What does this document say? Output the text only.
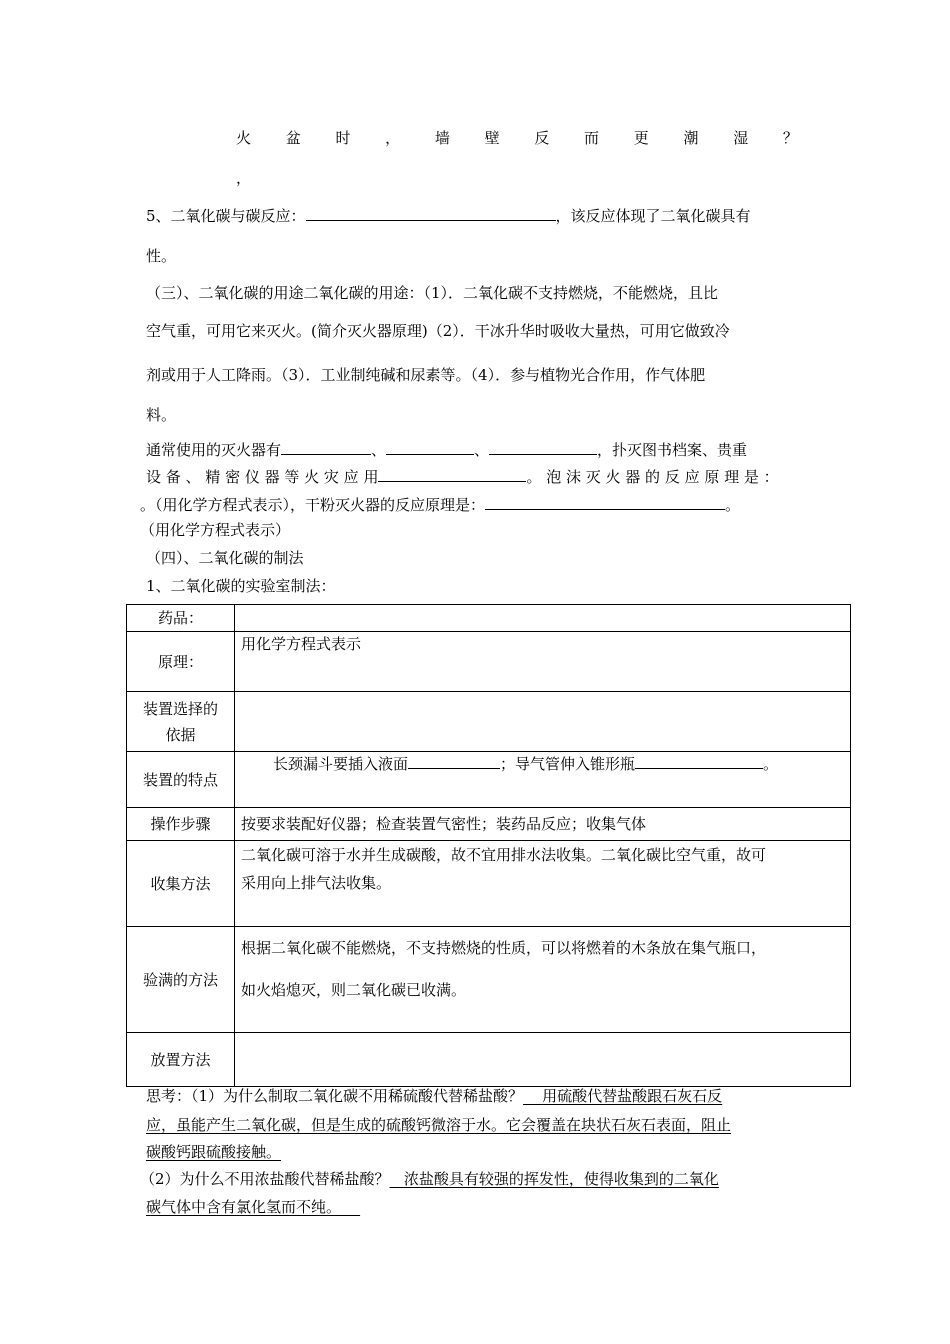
火 盆 时 ， 墙 壁 反 而 更 潮 湿 ？
，
5、二氧化碳与碳反应：	，该反应体现了二氧化碳具有
性。
（三）、二氧化碳的用途二氧化碳的用途：（1）．二氧化碳不支持燃烧，不能燃烧，且比
空气重，可用它来灭火。(简介灭火器原理)（2）．干冰升华时吸收大量热，可用它做致冷
剂或用于人工降雨。（3）．工业制纯碱和尿素等。（4）．参与植物光合作用，作气体肥
料。
通常使用的灭火器有	、	、	，扑灭图书档案、贵重
设 备 、 精 密 仪 器 等 火 灾 应 用	。 泡 沫 灭 火 器 的 反 应 原 理 是 ：
。（用化学方程式表示），干粉灭火器的反应原理是：	。
（用化学方程式表示）
（四）、二氧化碳的制法
1、二氧化碳的实验室制法：
药品：	
原理：	用化学方程式表示

装置选择的
依据	

装置的特点	长颈漏斗要插入液面 ；导气管伸入锥形瓶 。
操作步骤	按要求装配好仪器；检查装置气密性；装药品反应；收集气体
收集方法	二氧化碳可溶于水并生成碳酸，故不宜用排水法收集。二氧化碳比空气重，故可
采用向上排气法收集。

验满的方法	根据二氧化碳不能燃烧，不支持燃烧的性质，可以将燃着的木条放在集气瓶口，
如火焰熄灭，则二氧化碳已收满。

放置方法	
思考：（1）为什么制取二氧化碳不用稀硫酸代替稀盐酸？ 用硫酸代替盐酸跟石灰石反
应，虽能产生二氧化碳，但是生成的硫酸钙微溶于水。它会覆盖在块状石灰石表面，阻止
碳酸钙跟硫酸接触。
（2）为什么不用浓盐酸代替稀盐酸？ 浓盐酸具有较强的挥发性，使得收集到的二氧化
碳气体中含有氯化氢而不纯。
